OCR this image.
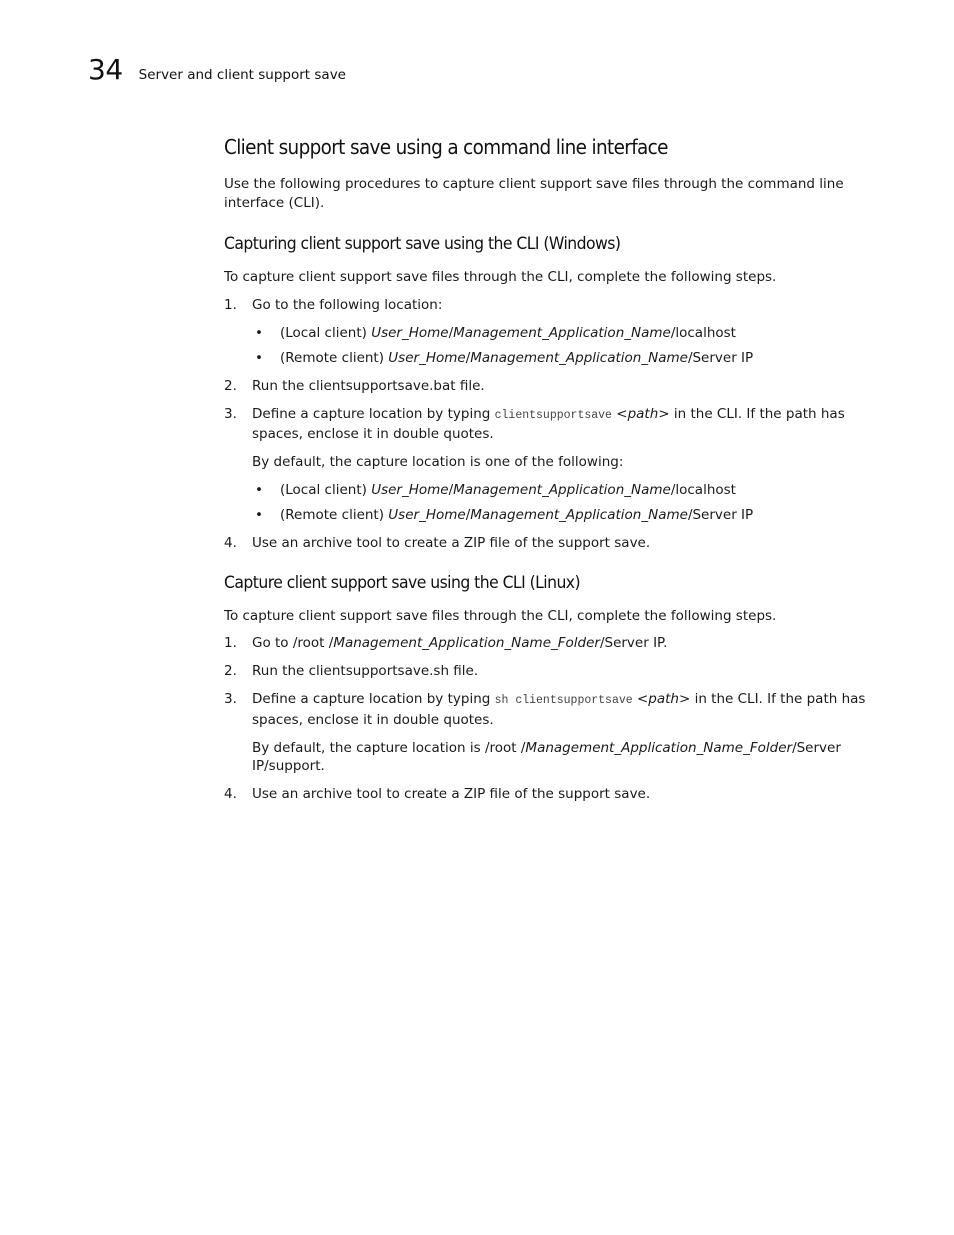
34 Server and client support save
Client support save using a command line interface

Use the following procedures to capture client support save files through the command line interface (CLI).

Capturing client support save using the CLI (Windows)

To capture client support save files through the CLI, complete the following steps.

1. Go to the following location:
• (Local client) User_Home/Management_Application_Name/localhost
• (Remote client) User_Home/Management_Application_Name/Server IP
2. Run the clientsupportsave.bat file.
3. Define a capture location by typing clientsupportsave <path> in the CLI. If the path has spaces, enclose it in double quotes.

By default, the capture location is one of the following:

• (Local client) User_Home/Management_Application_Name/localhost
• (Remote client) User_Home/Management_Application_Name/Server IP
4. Use an archive tool to create a ZIP file of the support save.
Capture client support save using the CLI (Linux)

To capture client support save files through the CLI, complete the following steps.

1. Go to /root /Management_Application_Name_Folder/Server IP.
2. Run the clientsupportsave.sh file.
3. Define a capture location by typing sh clientsupportsave <path> in the CLI. If the path has spaces, enclose it in double quotes.

By default, the capture location is /root /Management_Application_Name_Folder/Server IP/support.

4. Use an archive tool to create a ZIP file of the support save.
